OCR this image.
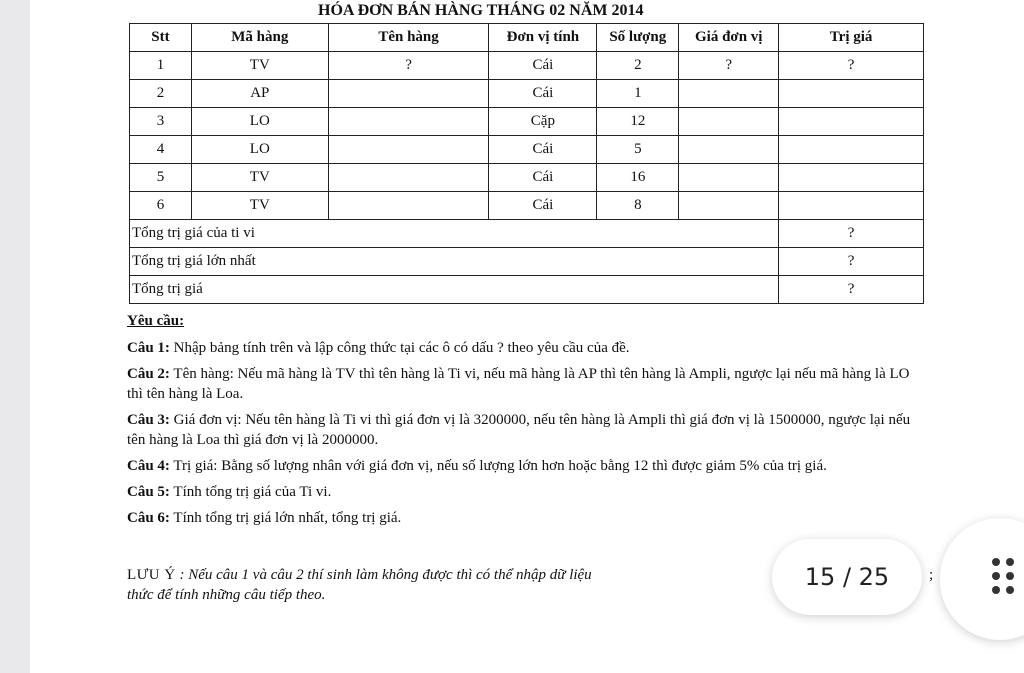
HÓA ĐƠN BÁN HÀNG THÁNG 02 NĂM 2014
Stt	Mã hàng	Tên hàng	Đơn vị tính	Số lượng	Giá đơn vị	Trị giá
1	TV	?	Cái	2	?	?
2	AP		Cái	1		
3	LO		Cặp	12		
4	LO		Cái	5		
5	TV		Cái	16		
6	TV		Cái	8		
Tổng trị giá của ti vi						?
Tổng trị giá lớn nhất						?
Tổng trị giá						?
Yêu cầu:
Câu 1: Nhập bảng tính trên và lập công thức tại các ô có dấu ? theo yêu cầu của đề.
Câu 2: Tên hàng: Nếu mã hàng là TV thì tên hàng là Ti vi, nếu mã hàng là AP thì tên hàng là Ampli, ngược lại nếu mã hàng là LO thì tên hàng là Loa.
Câu 3: Giá đơn vị: Nếu tên hàng là Ti vi thì giá đơn vị là 3200000, nếu tên hàng là Ampli thì giá đơn vị là 1500000, ngược lại nếu tên hàng là Loa thì giá đơn vị là 2000000.
Câu 4: Trị giá: Bằng số lượng nhân với giá đơn vị, nếu số lượng lớn hơn hoặc bằng 12 thì được giảm 5% của trị giá.
Câu 5: Tính tổng trị giá của Ti vi.
Câu 6: Tính tổng trị giá lớn nhất, tổng trị giá.
LƯU Ý : Nếu câu 1 và câu 2 thí sinh làm không được thì có thể nhập dữ liệu	;

thức để tính những câu tiếp theo.
15 / 25
